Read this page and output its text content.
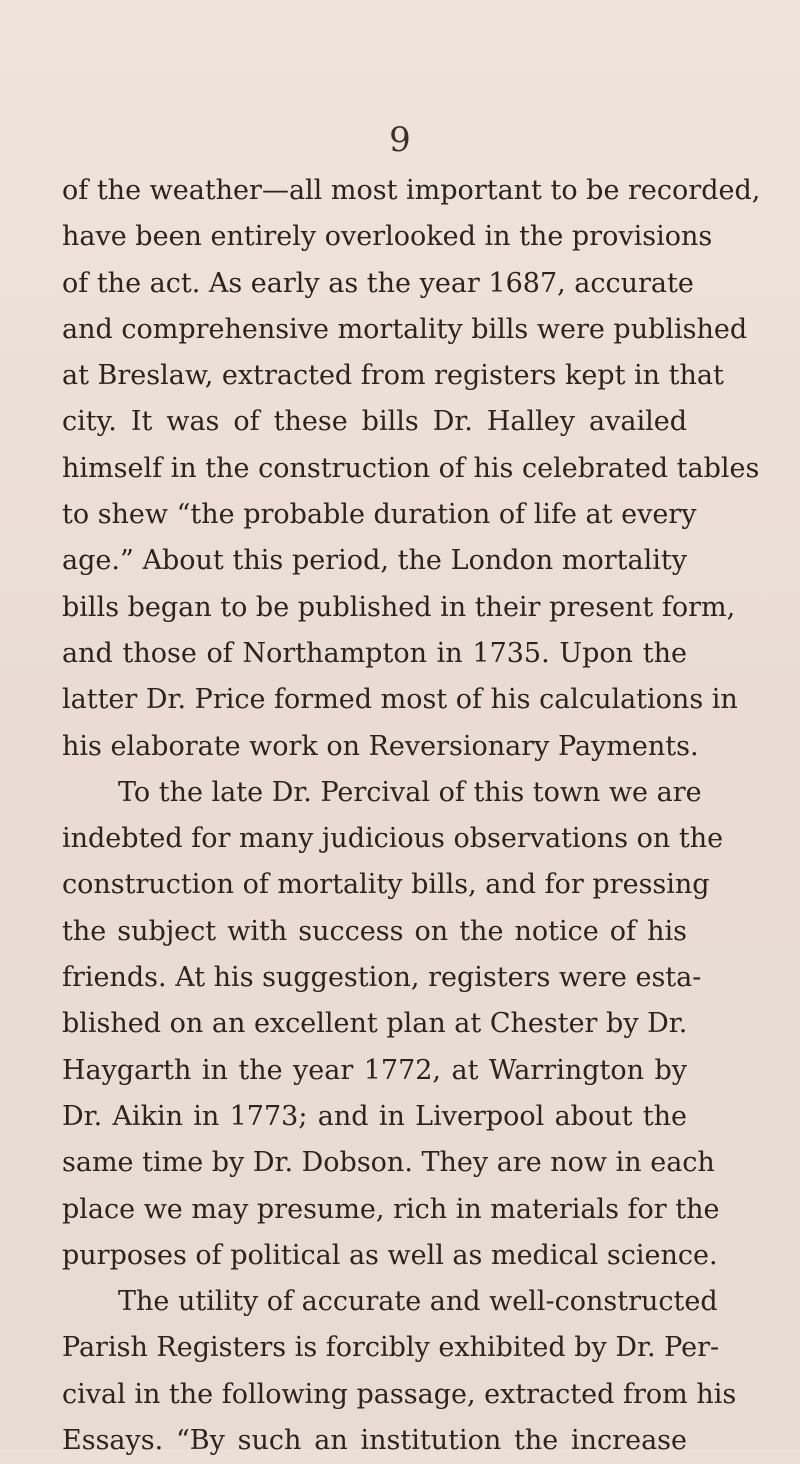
9
of the weather—all most important to be recorded,
have been entirely overlooked in the provisions
of the act. As early as the year 1687, accurate
and comprehensive mortality bills were published
at Breslaw, extracted from registers kept in that
city. It was of these bills Dr. Halley availed
himself in the construction of his celebrated tables
to shew “the probable duration of life at every
age.” About this period, the London mortality
bills began to be published in their present form,
and those of Northampton in 1735. Upon the
latter Dr. Price formed most of his calculations in
his elaborate work on Reversionary Payments.
To the late Dr. Percival of this town we are
indebted for many judicious observations on the
construction of mortality bills, and for pressing
the subject with success on the notice of his
friends. At his suggestion, registers were esta-
blished on an excellent plan at Chester by Dr.
Haygarth in the year 1772, at Warrington by
Dr. Aikin in 1773; and in Liverpool about the
same time by Dr. Dobson. They are now in each
place we may presume, rich in materials for the
purposes of political as well as medical science.
The utility of accurate and well-constructed
Parish Registers is forcibly exhibited by Dr. Per-
cival in the following passage, extracted from his
Essays. “By such an institution the increase
